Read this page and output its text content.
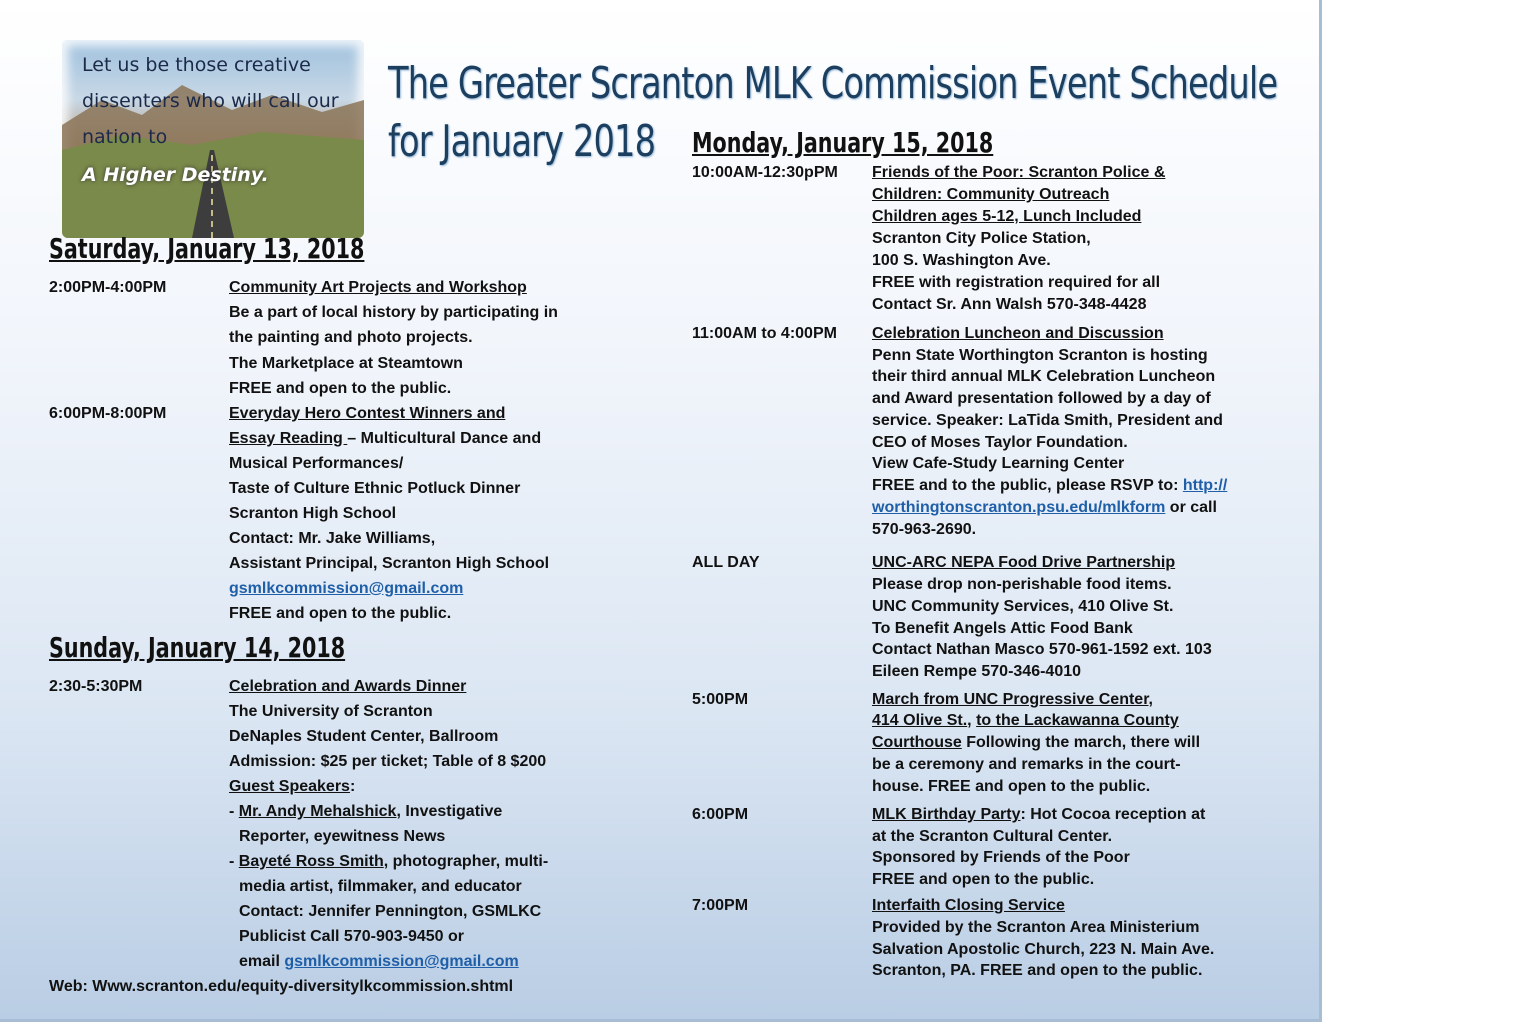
Let us be those creative
dissenters who will call our
nation to
A Higher Destiny.
The Greater Scranton MLK Commission Event Schedule
for January 2018
Saturday, January 13, 2018
2:00PM-4:00PM	Community Art Projects and Workshop
Be a part of local history by participating in
the painting and photo projects.
The Marketplace at Steamtown
FREE and open to the public.
6:00PM-8:00PM	Everyday Hero Contest Winners and
Essay Reading – Multicultural Dance and
Musical Performances/
Taste of Culture Ethnic Potluck Dinner
Scranton High School
Contact: Mr. Jake Williams,
Assistant Principal, Scranton High School
gsmlkcommission@gmail.com
FREE and open to the public.
Sunday, January 14, 2018
2:30-5:30PM	Celebration and Awards Dinner
The University of Scranton
DeNaples Student Center, Ballroom
Admission: $25 per ticket; Table of 8 $200
Guest Speakers:
- Mr. Andy Mehalshick, Investigative
Reporter, eyewitness News
- Bayeté Ross Smith, photographer, multi-
media artist, filmmaker, and educator
Contact: Jennifer Pennington, GSMLKC
Publicist Call 570-903-9450 or
email gsmlkcommission@gmail.com
Web: Www.scranton.edu/equity-diversitylkcommission.shtml
Monday, January 15, 2018
10:00AM-12:30pPM Friends of the Poor: Scranton Police &
Children: Community Outreach
Children ages 5-12, Lunch Included
Scranton City Police Station,
100 S. Washington Ave.
FREE with registration required for all
Contact Sr. Ann Walsh 570-348-4428
11:00AM to 4:00PM Celebration Luncheon and Discussion
Penn State Worthington Scranton is hosting
their third annual MLK Celebration Luncheon
and Award presentation followed by a day of
service. Speaker: LaTida Smith, President and
CEO of Moses Taylor Foundation.
View Cafe-Study Learning Center
FREE and to the public, please RSVP to: http://
worthingtonscranton.psu.edu/mlkform or call
570-963-2690.
ALL DAY	UNC-ARC NEPA Food Drive Partnership
Please drop non-perishable food items.
UNC Community Services, 410 Olive St.
To Benefit Angels Attic Food Bank
Contact Nathan Masco 570-961-1592 ext. 103
Eileen Rempe 570-346-4010
5:00PM	March from UNC Progressive Center,
414 Olive St., to the Lackawanna County
Courthouse Following the march, there will
be a ceremony and remarks in the court-
house. FREE and open to the public.
6:00PM	MLK Birthday Party: Hot Cocoa reception at
at the Scranton Cultural Center.
Sponsored by Friends of the Poor
FREE and open to the public.
7:00PM	Interfaith Closing Service
Provided by the Scranton Area Ministerium
Salvation Apostolic Church, 223 N. Main Ave.
Scranton, PA. FREE and open to the public.
